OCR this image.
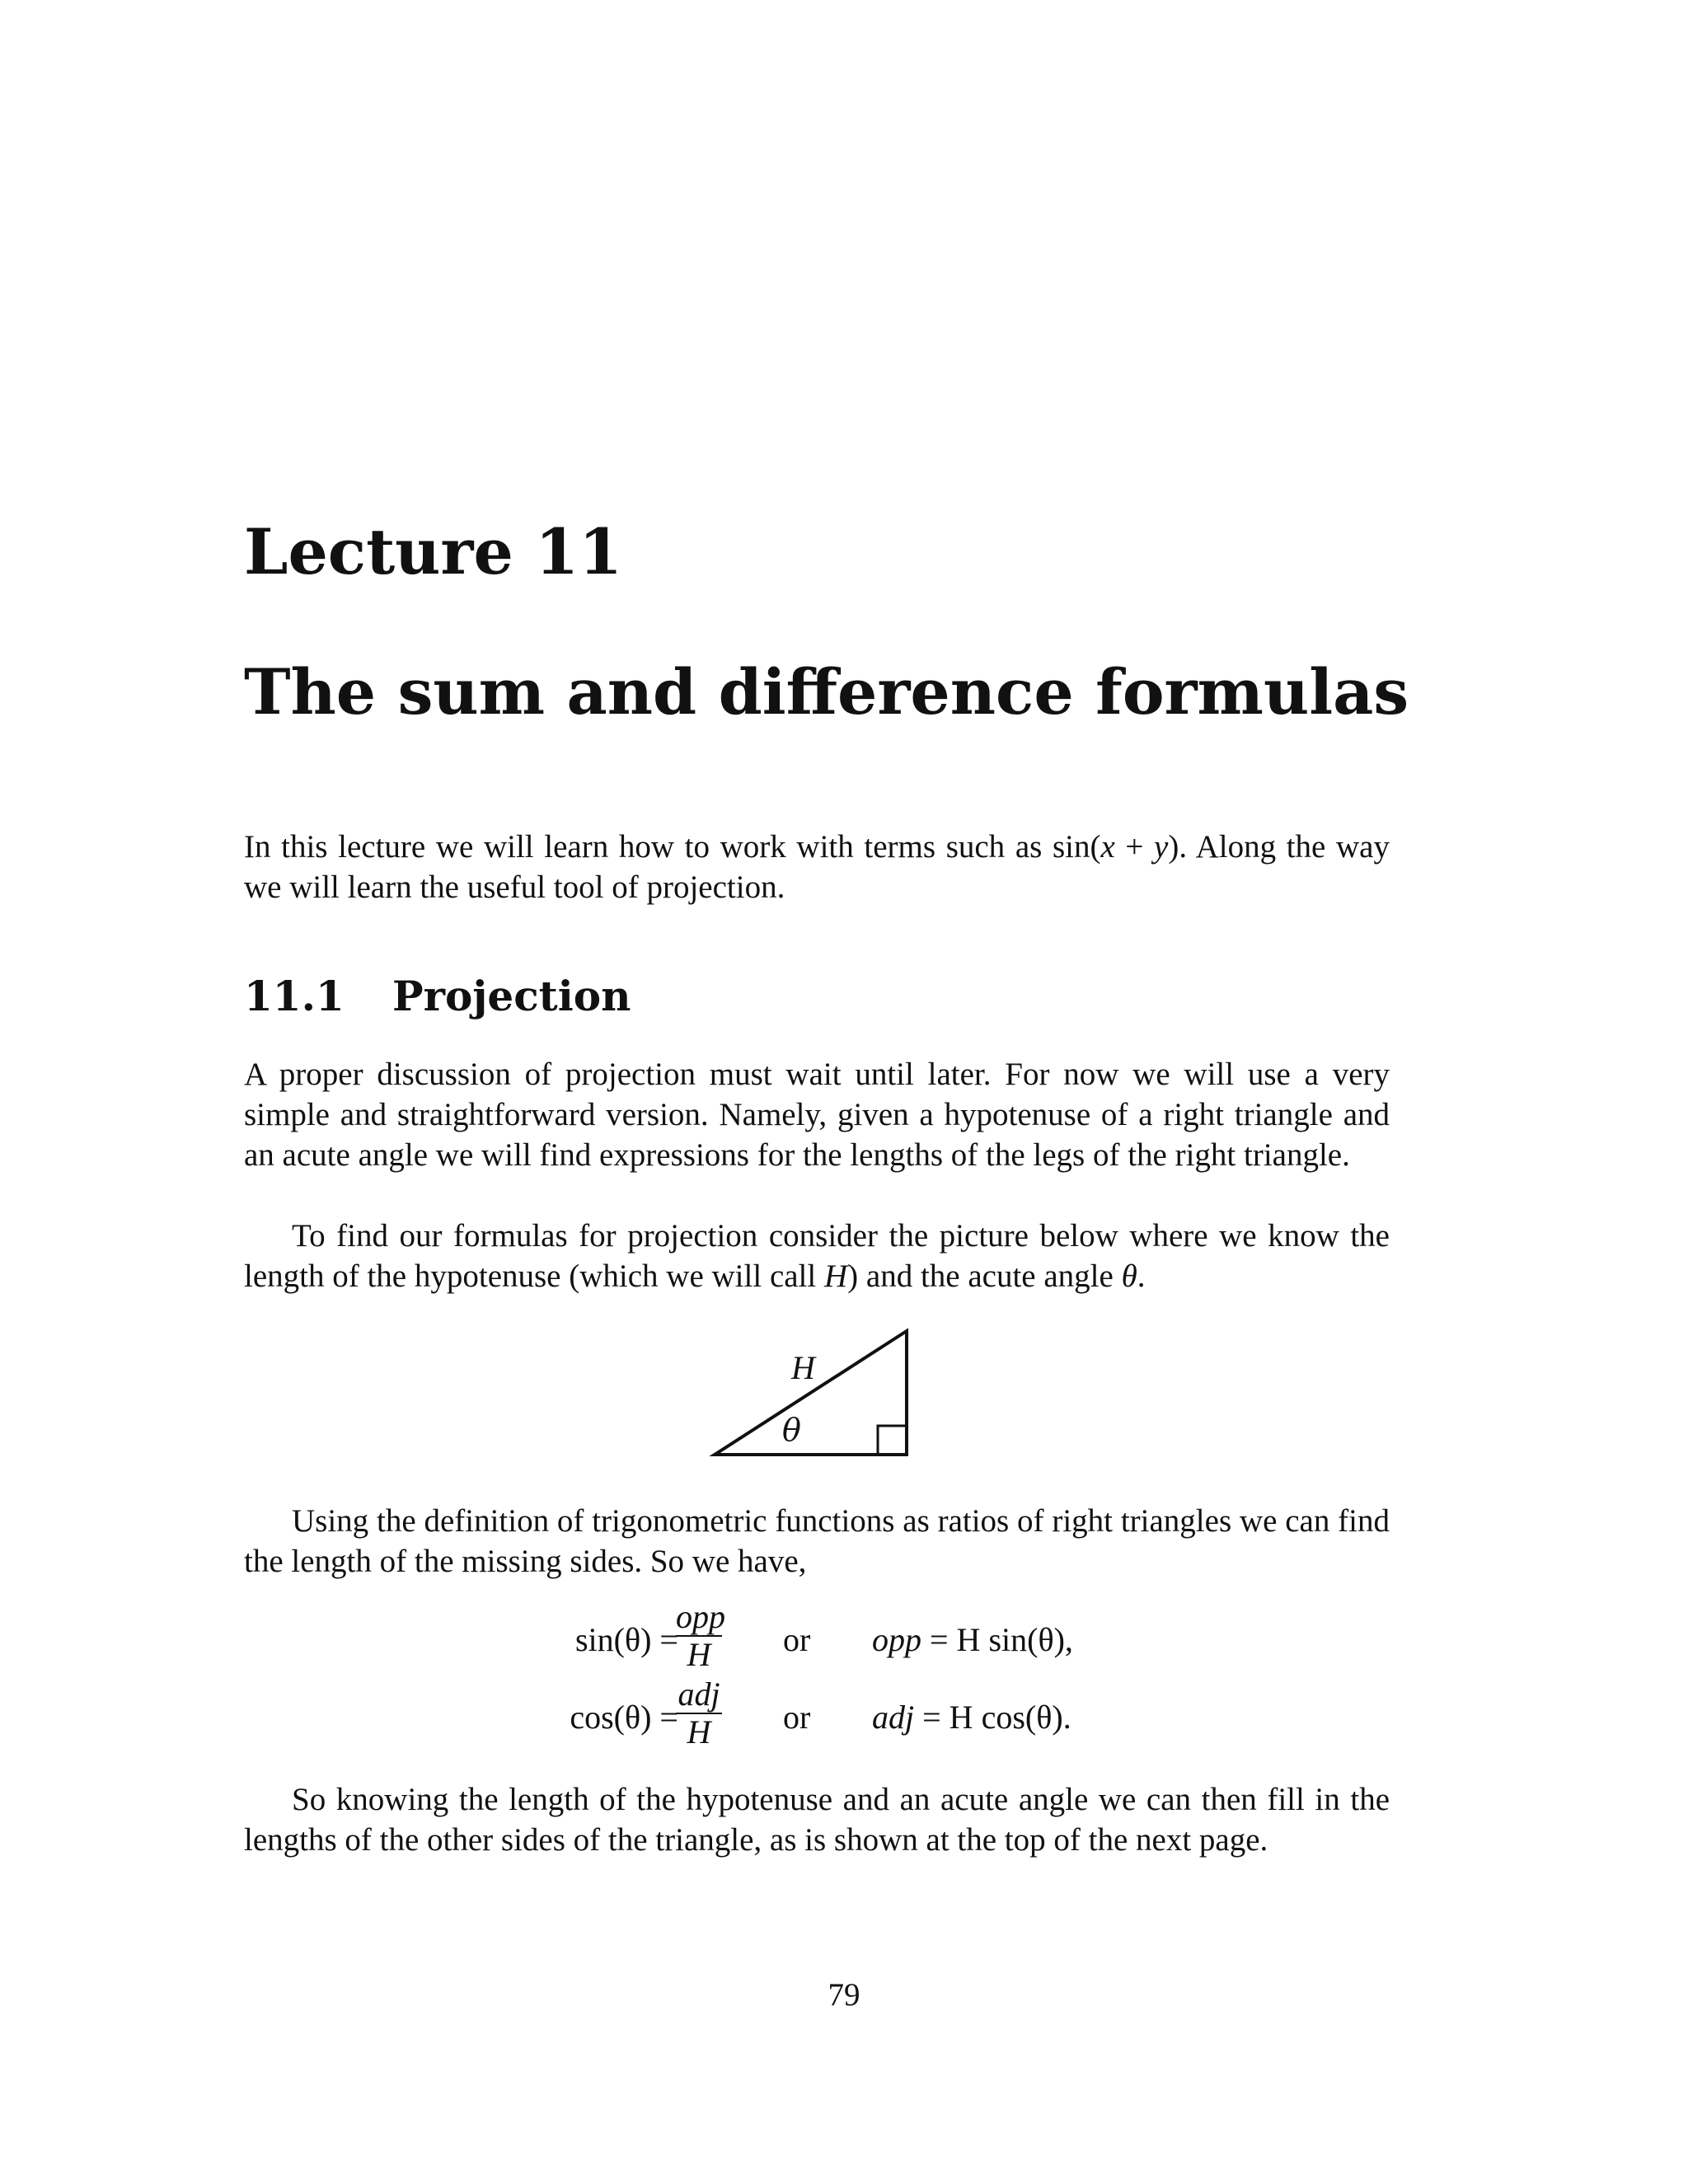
Lecture 11
The sum and difference formulas

In this lecture we will learn how to work with terms such as sin(x + y). Along the way we will learn the useful tool of projection.

11.1 Projection

A proper discussion of projection must wait until later. For now we will use a very simple and straightforward version. Namely, given a hypotenuse of a right triangle and an acute angle we will find expressions for the lengths of the legs of the right triangle.

To find our formulas for projection consider the picture below where we know the length of the hypotenuse (which we will call H) and the acute angle θ.

H
θ

Using the definition of trigonometric functions as ratios of right triangles we can find the length of the missing sides. So we have,

sin(θ) =
opp
H	or opp = H sin(θ),
cos(θ) =
adj
H	or adj = H cos(θ).

So knowing the length of the hypotenuse and an acute angle we can then fill in the lengths of the other sides of the triangle, as is shown at the top of the next page.

79
